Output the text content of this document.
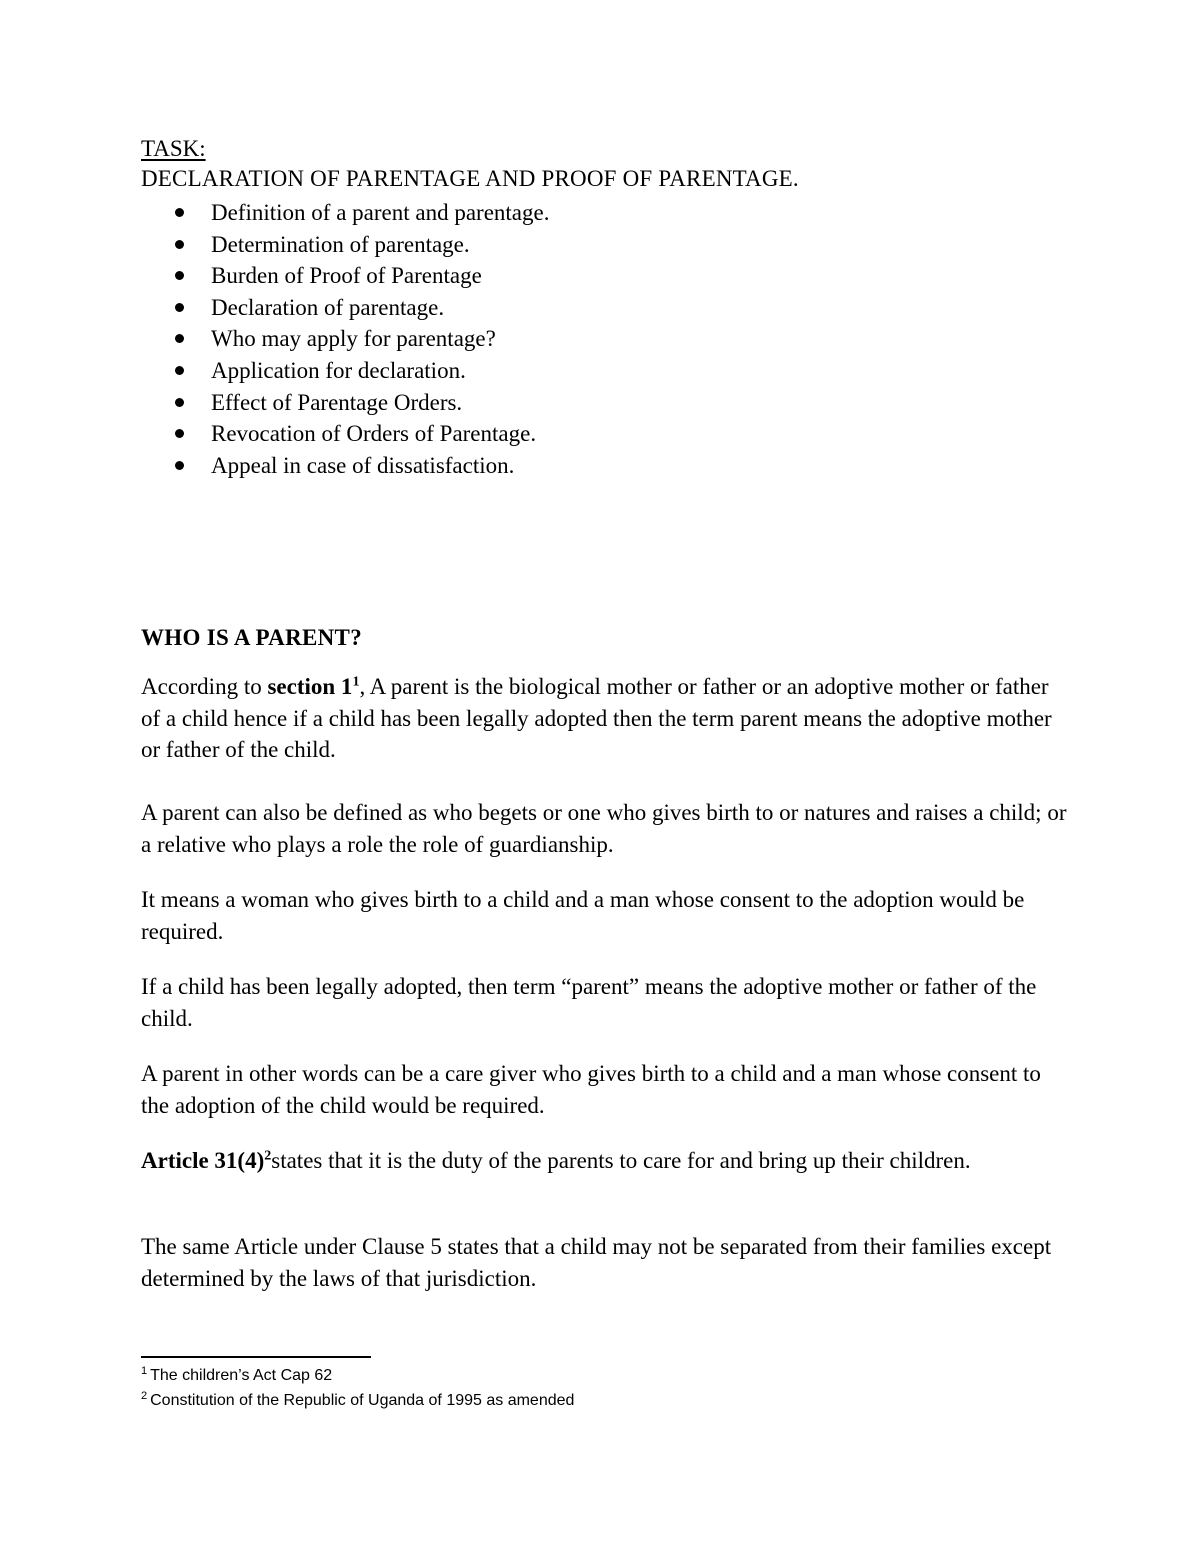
TASK:
DECLARATION OF PARENTAGE AND PROOF OF PARENTAGE.
Definition of a parent and parentage.
Determination of parentage.
Burden of Proof of Parentage
Declaration of parentage.
Who may apply for parentage?
Application for declaration.
Effect of Parentage Orders.
Revocation of Orders of Parentage.
Appeal in case of dissatisfaction.
WHO IS A PARENT?

According to section $1^1$, A parent is the biological mother or father or an adoptive mother or father of a child hence if a child has been legally adopted then the term parent means the adoptive mother or father of the child.

A parent can also be defined as who begets or one who gives birth to or natures and raises a child; or a relative who plays a role the role of guardianship.

It means a woman who gives birth to a child and a man whose consent to the adoption would be required.

If a child has been legally adopted, then term “parent” means the adoptive mother or father of the child.

A parent in other words can be a care giver who gives birth to a child and a man whose consent to the adoption of the child would be required.

Article $31(4)^2states$ that it is the duty of the parents to care for and bring up their children.

The same Article under Clause 5 states that a child may not be separated from their families except determined by the laws of that jurisdiction.

$^1$ The children’s Act Cap 62
$^2$ Constitution of the Republic of Uganda of 1995 as amended
